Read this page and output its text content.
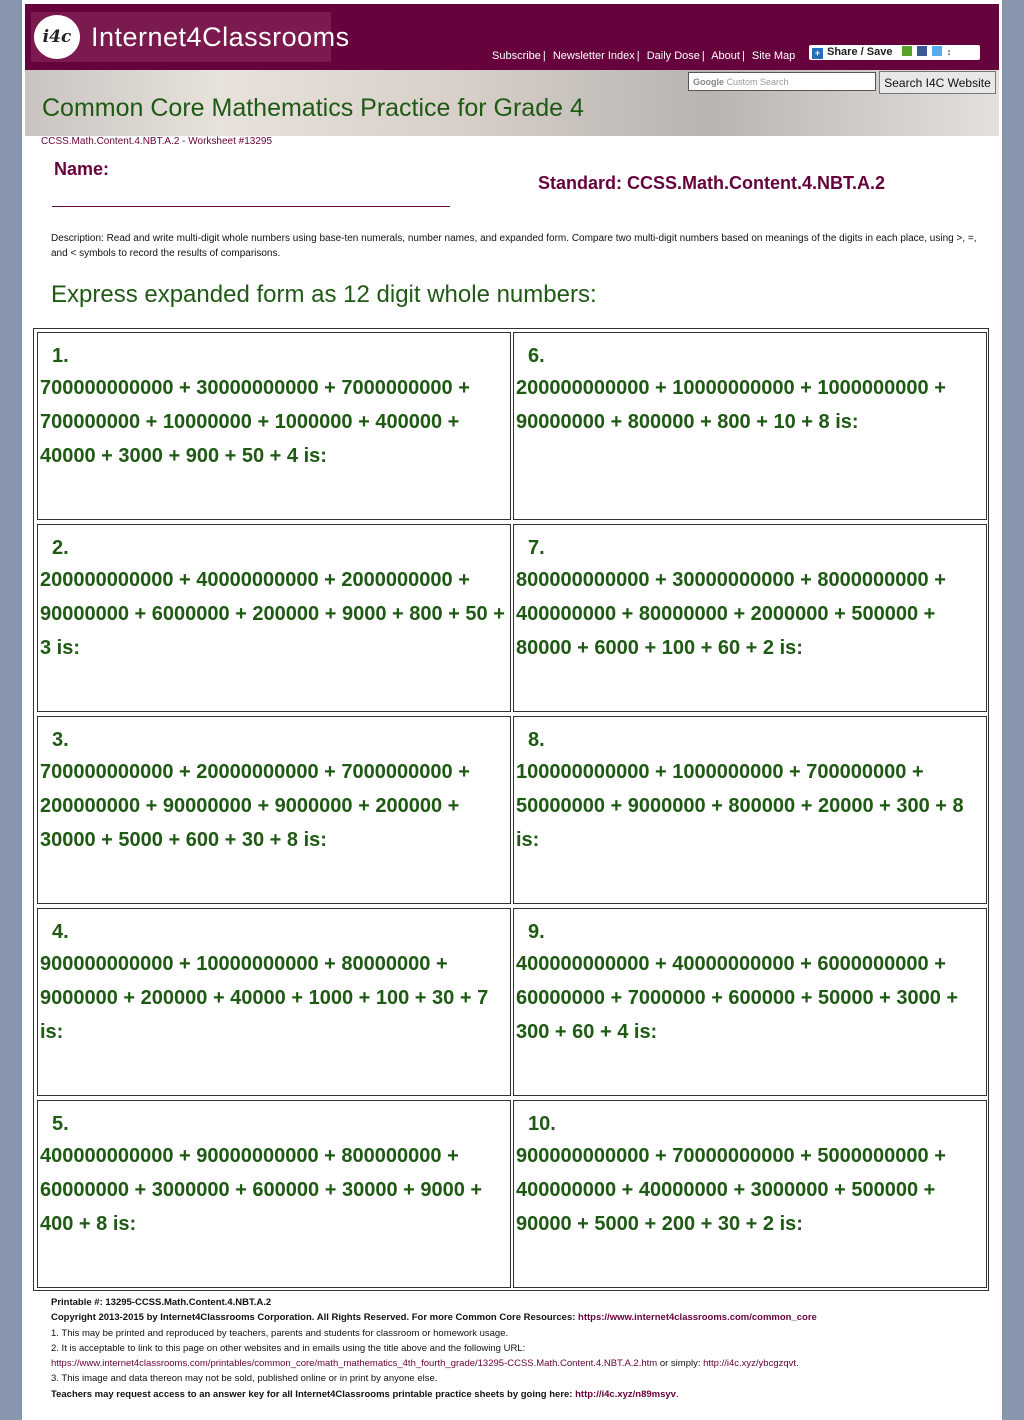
i4c Internet4Classrooms
Subscribe | Newsletter Index | Daily Dose | About | Site Map	+ Share / Save	↕
Google Custom Search	Search I4C Website
Common Core Mathematics Practice for Grade 4
CCSS.Math.Content.4.NBT.A.2 - Worksheet #13295
Name:
Standard: CCSS.Math.Content.4.NBT.A.2
Description: Read and write multi-digit whole numbers using base-ten numerals, number names, and expanded form. Compare two multi-digit numbers based on meanings of the digits in each place, using >, =, and < symbols to record the results of comparisons.
Express expanded form as 12 digit whole numbers:
1.
700000000000 + 30000000000 + 7000000000 + 700000000 + 10000000 + 1000000 + 400000 + 40000 + 3000 + 900 + 50 + 4 is:
6.
200000000000 + 10000000000 + 1000000000 + 90000000 + 800000 + 800 + 10 + 8 is:
2.
200000000000 + 40000000000 + 2000000000 + 90000000 + 6000000 + 200000 + 9000 + 800 + 50 + 3 is:
7.
800000000000 + 30000000000 + 8000000000 + 400000000 + 80000000 + 2000000 + 500000 + 80000 + 6000 + 100 + 60 + 2 is:
3.
700000000000 + 20000000000 + 7000000000 + 200000000 + 90000000 + 9000000 + 200000 + 30000 + 5000 + 600 + 30 + 8 is:
8.
100000000000 + 1000000000 + 700000000 + 50000000 + 9000000 + 800000 + 20000 + 300 + 8 is:
4.
900000000000 + 10000000000 + 80000000 + 9000000 + 200000 + 40000 + 1000 + 100 + 30 + 7 is:
9.
400000000000 + 40000000000 + 6000000000 + 60000000 + 7000000 + 600000 + 50000 + 3000 + 300 + 60 + 4 is:
5.
400000000000 + 90000000000 + 800000000 + 60000000 + 3000000 + 600000 + 30000 + 9000 + 400 + 8 is:
10.
900000000000 + 70000000000 + 5000000000 + 400000000 + 40000000 + 3000000 + 500000 + 90000 + 5000 + 200 + 30 + 2 is:
Printable #: 13295-CCSS.Math.Content.4.NBT.A.2
Copyright 2013-2015 by Internet4Classrooms Corporation. All Rights Reserved. For more Common Core Resources: https://www.internet4classrooms.com/common_core
1. This may be printed and reproduced by teachers, parents and students for classroom or homework usage.
2. It is acceptable to link to this page on other websites and in emails using the title above and the following URL:
https://www.internet4classrooms.com/printables/common_core/math_mathematics_4th_fourth_grade/13295-CCSS.Math.Content.4.NBT.A.2.htm or simply: http://i4c.xyz/ybcgzqvt.
3. This image and data thereon may not be sold, published online or in print by anyone else.
Teachers may request access to an answer key for all Internet4Classrooms printable practice sheets by going here: http://i4c.xyz/n89msyv.
